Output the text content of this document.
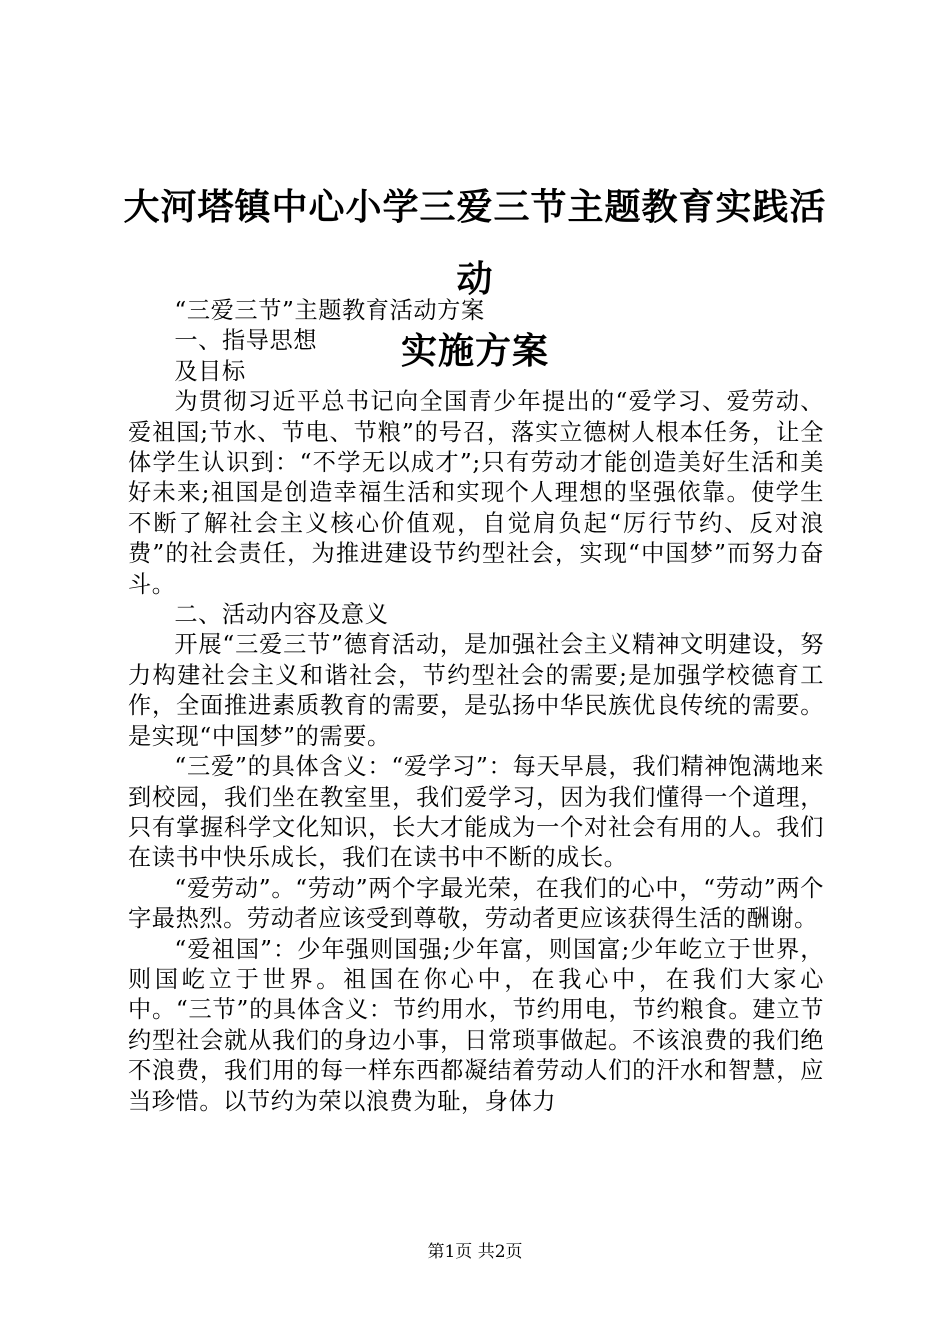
大河塔镇中心小学三爱三节主题教育实践活动
实施方案

“三爱三节”主题教育活动方案

一、指导思想

及目标

为贯彻习近平总书记向全国青少年提出的“爱学习、爱劳动、爱祖国;节水、节电、节粮”的号召，落实立德树人根本任务，让全体学生认识到：“不学无以成才”;只有劳动才能创造美好生活和美好未来;祖国是创造幸福生活和实现个人理想的坚强依靠。使学生不断了解社会主义核心价值观，自觉肩负起“厉行节约、反对浪费”的社会责任，为推进建设节约型社会，实现“中国梦”而努力奋斗。

二、活动内容及意义

开展“三爱三节”德育活动，是加强社会主义精神文明建设，努力构建社会主义和谐社会，节约型社会的需要;是加强学校德育工作，全面推进素质教育的需要，是弘扬中华民族优良传统的需要。是实现“中国梦”的需要。

“三爱”的具体含义：“爱学习”：每天早晨，我们精神饱满地来到校园，我们坐在教室里，我们爱学习，因为我们懂得一个道理，只有掌握科学文化知识，长大才能成为一个对社会有用的人。我们在读书中快乐成长，我们在读书中不断的成长。

“爱劳动”。“劳动”两个字最光荣，在我们的心中，“劳动”两个字最热烈。劳动者应该受到尊敬，劳动者更应该获得生活的酬谢。

“爱祖国”：少年强则国强;少年富，则国富;少年屹立于世界，则国屹立于世界。祖国在你心中，在我心中，在我们大家心中。“三节”的具体含义：节约用水，节约用电，节约粮食。建立节约型社会就从我们的身边小事，日常琐事做起。不该浪费的我们绝不浪费，我们用的每一样东西都凝结着劳动人们的汗水和智慧，应当珍惜。以节约为荣以浪费为耻，身体力

第1页 共2页
